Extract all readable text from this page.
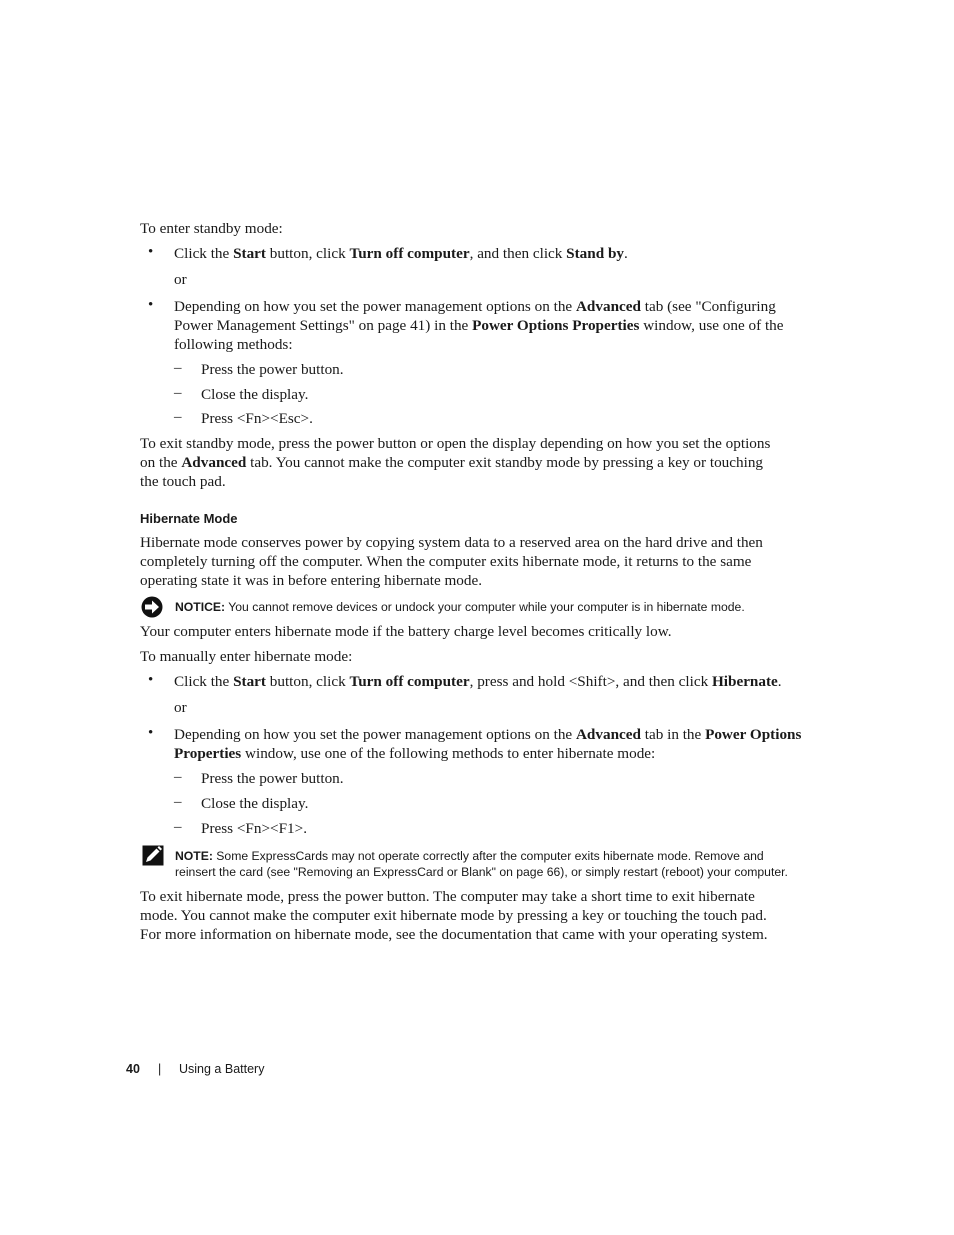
To enter standby mode:
• Click the Start button, click Turn off computer, and then click Stand by.
or
• Depending on how you set the power management options on the Advanced tab (see "Configuring
Power Management Settings" on page 41) in the Power Options Properties window, use one of the
following methods:
– Press the power button.
– Close the display.
– Press <Fn><Esc>.
To exit standby mode, press the power button or open the display depending on how you set the options
on the Advanced tab. You cannot make the computer exit standby mode by pressing a key or touching
the touch pad.
Hibernate Mode
Hibernate mode conserves power by copying system data to a reserved area on the hard drive and then
completely turning off the computer. When the computer exits hibernate mode, it returns to the same
operating state it was in before entering hibernate mode.
NOTICE: You cannot remove devices or undock your computer while your computer is in hibernate mode.
Your computer enters hibernate mode if the battery charge level becomes critically low.
To manually enter hibernate mode:
• Click the Start button, click Turn off computer, press and hold <Shift>, and then click Hibernate.
or
• Depending on how you set the power management options on the Advanced tab in the Power Options
Properties window, use one of the following methods to enter hibernate mode:
– Press the power button.
– Close the display.
– Press <Fn><F1>.
NOTE: Some ExpressCards may not operate correctly after the computer exits hibernate mode. Remove and
reinsert the card (see "Removing an ExpressCard or Blank" on page 66), or simply restart (reboot) your computer.
To exit hibernate mode, press the power button. The computer may take a short time to exit hibernate
mode. You cannot make the computer exit hibernate mode by pressing a key or touching the touch pad.
For more information on hibernate mode, see the documentation that came with your operating system.
40 | Using a Battery
